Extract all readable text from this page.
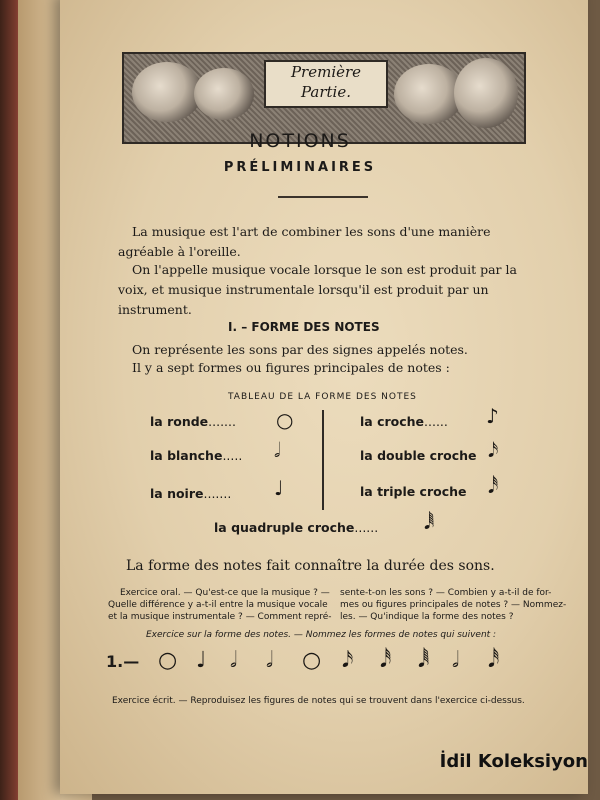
Première
Partie.
NOTIONS
PRÉLIMINAIRES
La musique est l'art de combiner les sons d'une manière
agréable à l'oreille.
On l'appelle musique vocale lorsque le son est produit par la
voix, et musique instrumentale lorsqu'il est produit par un
instrument.
I. – FORME DES NOTES
On représente les sons par des signes appelés notes.
Il y a sept formes ou figures principales de notes :
TABLEAU DE LA FORME DES NOTES
la ronde....... ○
la blanche..... 𝅗𝅥
la noire....... ♩
la croche...... ♪
la double croche 𝅘𝅥𝅯
la triple croche 𝅘𝅥𝅰
la quadruple croche...... 𝅘𝅥𝅱
La forme des notes fait connaître la durée des sons.
Exercice oral. — Qu'est-ce que la musique ? —
Quelle différence y a-t-il entre la musique vocale
et la musique instrumentale ? — Comment repré-
sente-t-on les sons ? — Combien y a-t-il de for-
mes ou figures principales de notes ? — Nommez-
les. — Qu'indique la forme des notes ?
Exercice sur la forme des notes. — Nommez les formes de notes qui suivent :
1.— ○ ♩ 𝅗𝅥 𝅗𝅥 ○ 𝅘𝅥𝅯 𝅘𝅥𝅰 𝅘𝅥𝅱 𝅗𝅥 𝅘𝅥𝅰
Exercice écrit. — Reproduisez les figures de notes qui se trouvent dans l'exercice ci-dessus.
İdil Koleksiyon
